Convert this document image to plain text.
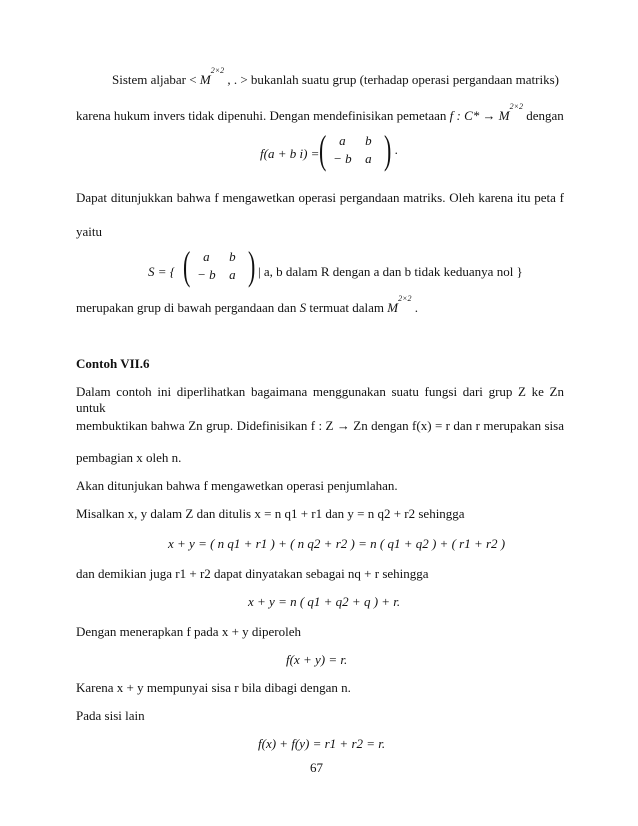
Sistem aljabar < $M^{2\times 2}$ , . > bukanlah suatu grup (terhadap operasi pergandaan matriks)
karena hukum invers tidak dipenuhi. Dengan mendefinisikan pemetaan f : $C* \to M^{2\times 2}$ dengan
f(a + b i) = ( a	b
− b	a ) .
Dapat ditunjukkan bahwa f mengawetkan operasi pergandaan matriks. Oleh karena itu peta f
yaitu
S = { ( a	b
− b	a ) | a, b dalam R dengan a dan b tidak keduanya nol }
merupakan grup di bawah pergandaan dan S termuat dalam $M^{2\times 2}$ .
Contoh VII.6
Dalam contoh ini diperlihatkan bagaimana menggunakan suatu fungsi dari grup Z ke Zn untuk
membuktikan bahwa Zn grup. Didefinisikan f : Z → Zn dengan f(x) = r dan r merupakan sisa
pembagian x oleh n.
Akan ditunjukan bahwa f mengawetkan operasi penjumlahan.
Misalkan x, y dalam Z dan ditulis x = n q1 + r1 dan y = n q2 + r2 sehingga
x + y = ( n q1 + r1 ) + ( n q2 + r2 ) = n ( q1 + q2 ) + ( r1 + r2 )
dan demikian juga r1 + r2 dapat dinyatakan sebagai nq + r sehingga
x + y = n ( q1 + q2 + q ) + r.
Dengan menerapkan f pada x + y diperoleh
f(x + y) = r.
Karena x + y mempunyai sisa r bila dibagi dengan n.
Pada sisi lain
f(x) + f(y) = r1 + r2 = r.
67
